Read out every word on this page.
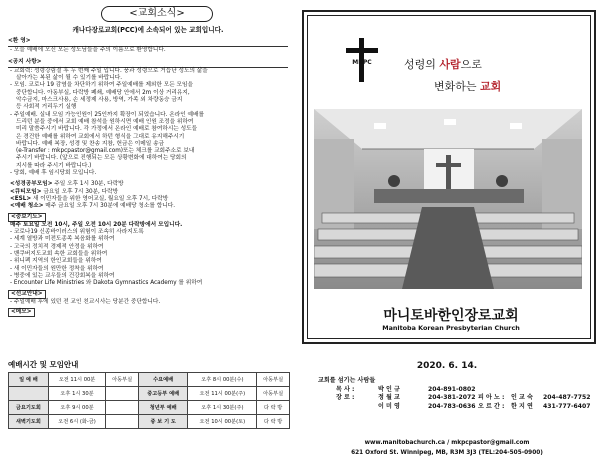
<교회소식>
캐나다장로교회(PCC)에 소속되어 있는 교회입니다.
<환 영>
- 오늘 예배에 오신 모든 성도님들을 주의 이름으로 환영합니다.
<공지 사항>
- 교회력: 성령강림절 후 두 번째 주일 입니다. 풍과 성령으로 거듭난 성도의 삶을
살아가는 복된 삶이 될 수 있기를 바랍니다.
- 모임. 코로나 19 감염을 차단하기 위하여 주일예배를 제외한 모든 모임을
중단합니다. 아동부실, 다락방 폐쇄, 예배당 안에서 2m 이상 거리유지,
악수금지, 마스크사용, 손 세정제 사용, 방역, 가족 외 차량동승 금지
등 사회적 거리두기 실행
- 주일예배. 실내 모임 가능인원이 25인까지 확장이 되었습니다. 온라인 예배를
드리던 분들 중에서 교회 예배 참석을 원하시면 예배 인원 조정을 위하여
미리 말씀주시기 바랍니다. 각 가정에서 온라인 예배로 참여하시는 성도들
은 경건한 예배를 위하여 교회에서 하던 형식을 그대로 유지해주시기
바랍니다. 예배 복장, 성경 및 찬송 지참, 헌금은 이메일 송금
(e-Transfer : mkpcpastor@gmail.com)또는 체크를 교회주소로 보내
주시기 바랍니다. (앞으로 진행되는 모든 상황변화에 대하여는 당회의
지시를 따라 주시기 바랍니다.)
- 당회, 예배 후 임시당회 모입니다.
<성경공부모임> 주일 오후 1시 30분, 다락방
<큐티모임> 금요일 오후 7시 30분, 다락방
<ESL> 새 이민자들을 위한 영어교실, 월요일 오후 7시, 다락방
<예배 청소> 매주 금요일 오후 7시 30분에 예배당 청소를 합니다.
<중보기도>
매주 토요일 오전 10시, 주일 오전 10시 20분 다락방에서 모입니다.
- 코로나19 신종바이러스의 위험이 조속히 사라지도록
- 세계 열방과 미전도종족 복음화를 위하여
- 고국의 정치적 경제적 안정을 위하여
- 밴쿠버지도교회 속한 교회들을 위하여
- 위니펙 지역의 한인교회들을 위하여
- 새 이민자들의 원만한 정착을 위하여
- 병중에 있는 교우들의 건강회복을 위하여
- Encounter Life Ministries 와 Dakota Gymnastics Academy 를 위하여
<선교안내>
- 주일예배 후에 있던 전 교인 친교시사는 당분간 중단합니다.
<메모>
예배시간 및 모임안내
일 예 배	오전 11시 00분	아동부실	수요예배	오후 8시 00분(수)	아동부실
	오후 1시 30분		중고등부 예배	오전 11시 00분(주)	아동부실
금요기도회	오후 9시 00분		청년부 예배	오후 1시 30분(주)	다 락 방
새벽기도회	오전 6시 (화-금)		중 보 기 도	오전 10시 00분(토)	다 락 방
MKPC	성령의 사람으로
변화하는 교회
마니토바한인장로교회
Manitoba Korean Presbyterian Church
2020. 6. 14.
교회를 섬기는 사람들
목 사 :	박 인 규	204-891-0802
장 로 :	정 월 교	204-381-2072 피 아 노 : 인 교 숙 204-487-7752
이 미 영	204-783-0636 오 르 간 : 한 지 연 431-777-6407
www.manitobachurch.ca / mkpcpastor@gmail.com
621 Oxford St. Winnipeg, MB, R3M 3J3 (TEL:204-505-0900)
